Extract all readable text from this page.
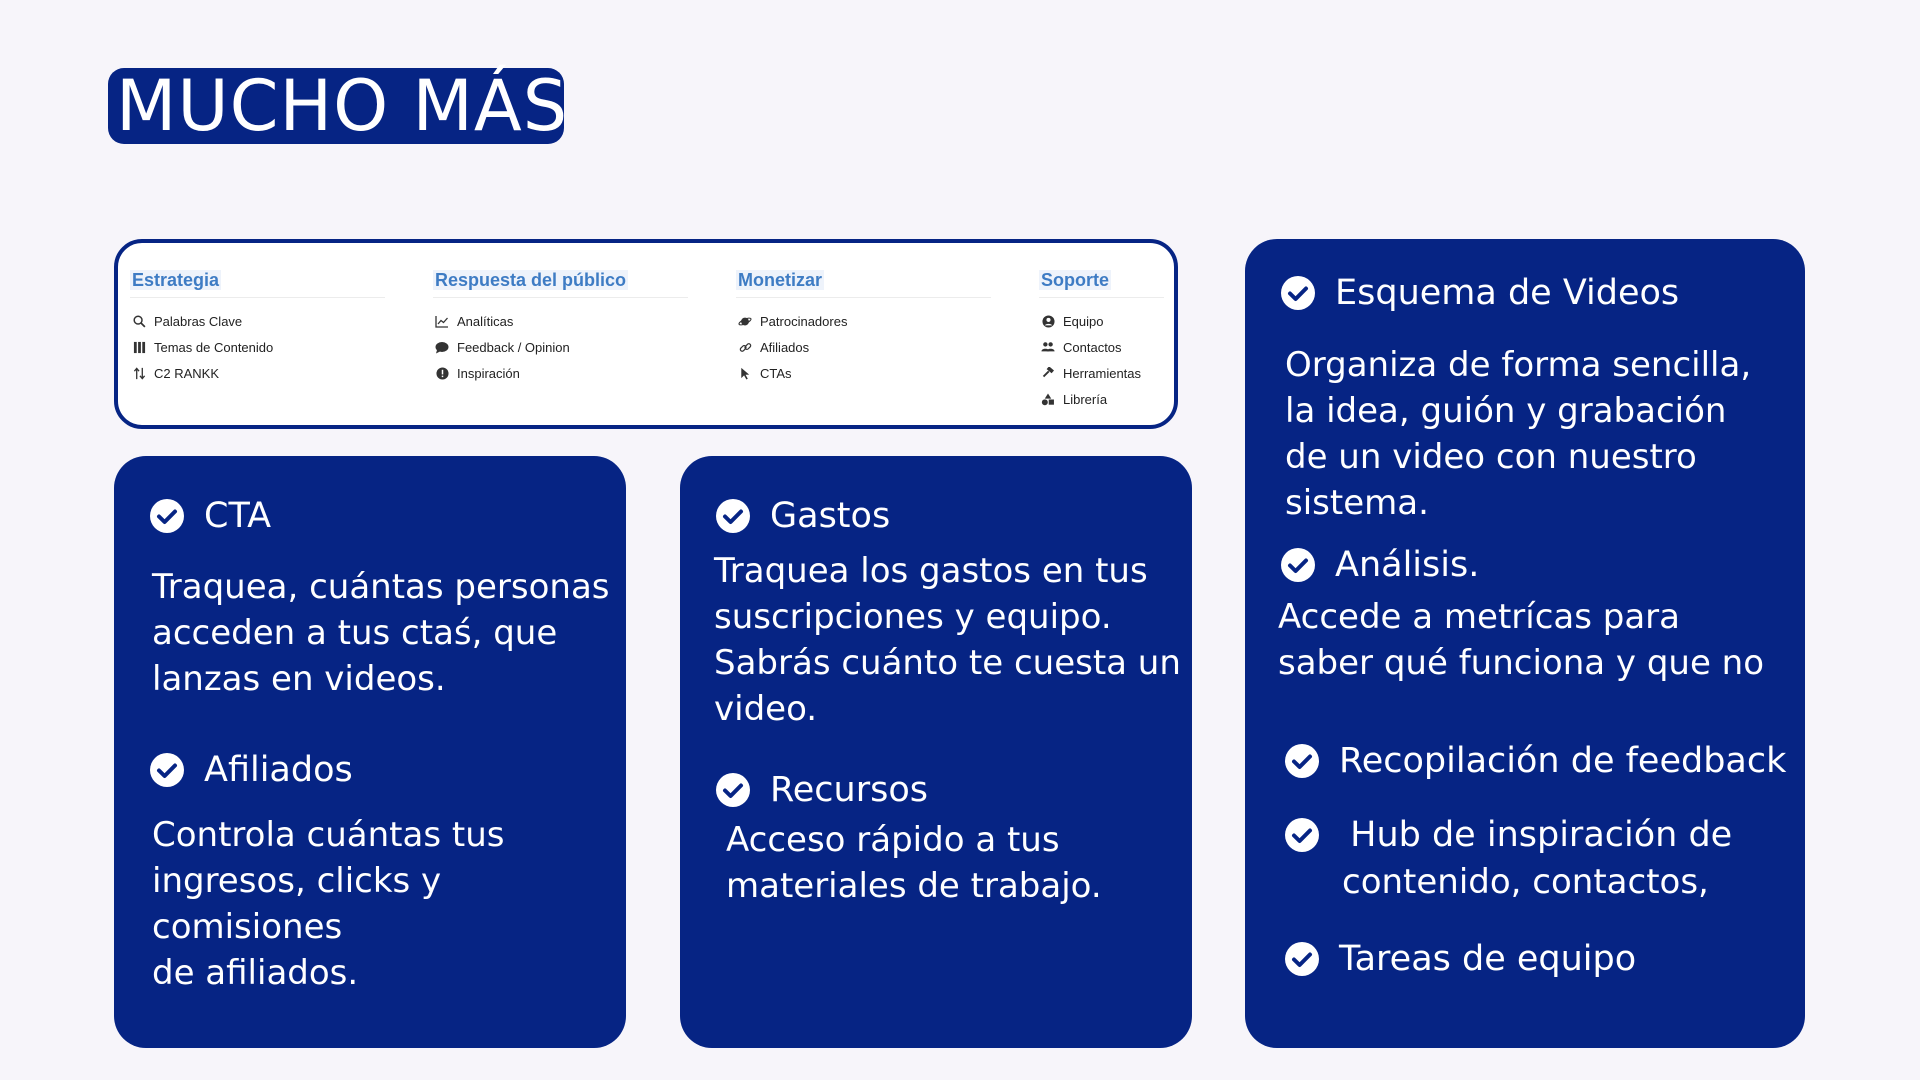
MUCHO MÁS
Estrategia
Palabras Clave
Temas de Contenido
C2 RANKK
Respuesta del público
Analíticas
Feedback / Opinion
Inspiración
Monetizar
Patrocinadores
Afiliados
CTAs
Soporte
Equipo
Contactos
Herramientas
Librería
CTA
Traquea, cuántas personas
acceden a tus ctaś, que
lanzas en videos.
Afiliados
Controla cuántas tus
ingresos, clicks y comisiones
de afiliados.
Gastos
Traquea los gastos en tus
suscripciones y equipo.
Sabrás cuánto te cuesta un
video.
Recursos
Acceso rápido a tus
materiales de trabajo.
Esquema de Videos
Organiza de forma sencilla,
la idea, guión y grabación
de un video con nuestro
sistema.
Análisis.
Accede a metrícas para
saber qué funciona y que no
Recopilación de feedback
Hub de inspiración de
contenido, contactos,
Tareas de equipo
